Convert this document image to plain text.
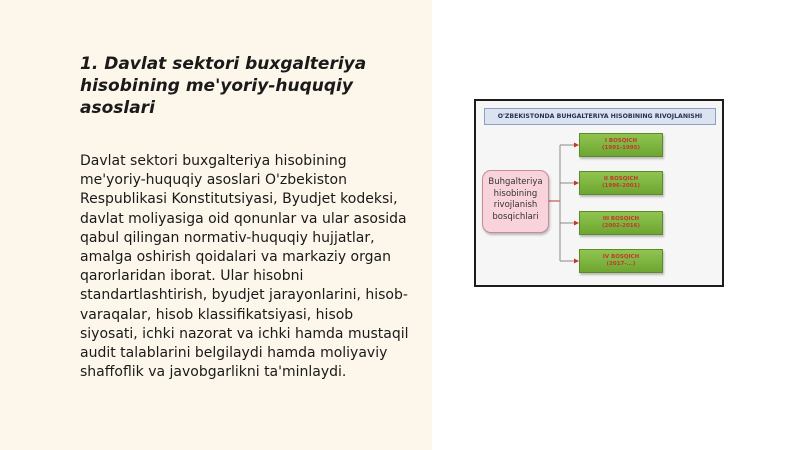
1. Davlat sektori buxgalteriya hisobining me'yoriy-huquqiy asoslari

Davlat sektori buxgalteriya hisobining me'yoriy-huquqiy asoslari O'zbekiston Respublikasi Konstitutsiyasi, Byudjet kodeksi, davlat moliyasiga oid qonunlar va ular asosida qabul qilingan normativ-huquqiy hujjatlar, amalga oshirish qoidalari va markaziy organ qarorlaridan iborat. Ular hisobni standartlashtirish, byudjet jarayonlarini, hisob-varaqalar, hisob klassifikatsiyasi, hisob siyosati, ichki nazorat va ichki hamda mustaqil audit talablarini belgilaydi hamda moliyaviy shaffoflik va javobgarlikni ta'minlaydi.

O'ZBEKISTONDA BUHGALTERIYA HISOBINING RIVOJLANISHI
Buhgalteriya
hisobining
rivojlanish
bosqichlari
I BOSQICH
(1991-1995)
II BOSQICH
(1996-2001)
III BOSQICH
(2002-2016)
IV BOSQICH
(2017-...)
